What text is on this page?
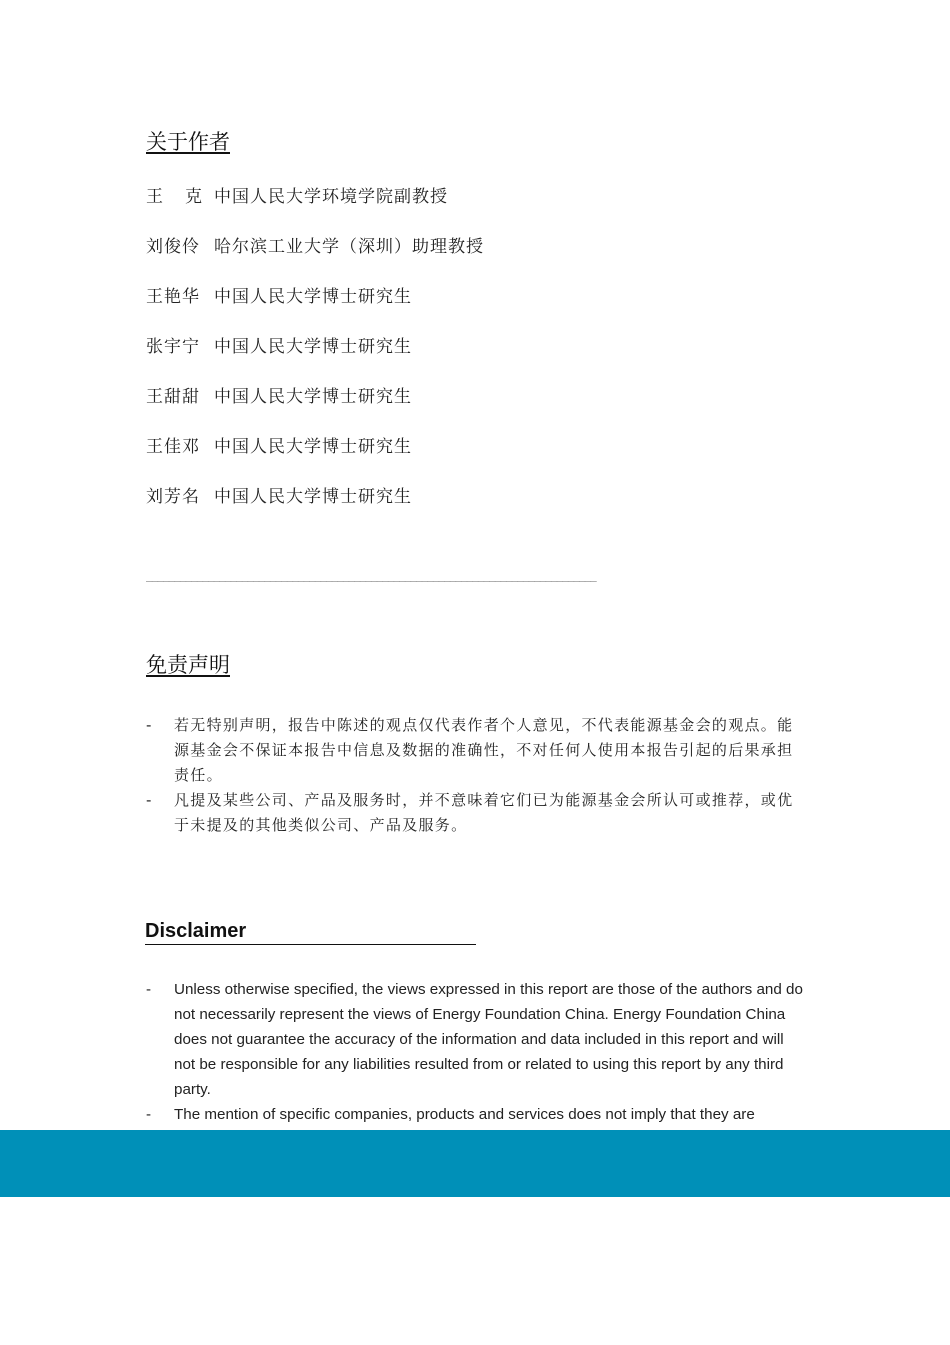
关于作者
王克中国人民大学环境学院副教授
刘俊伶 哈尔滨工业大学（深圳）助理教授
王艳华 中国人民大学博士研究生
张宇宁 中国人民大学博士研究生
王甜甜 中国人民大学博士研究生
王佳邓 中国人民大学博士研究生
刘芳名 中国人民大学博士研究生
________________________________________________________________________________
免责声明
- 若无特别声明，报告中陈述的观点仅代表作者个人意见，不代表能源基金会的观点。能源基金会不保证本报告中信息及数据的准确性，不对任何人使用本报告引起的后果承担责任。
- 凡提及某些公司、产品及服务时，并不意味着它们已为能源基金会所认可或推荐，或优于未提及的其他类似公司、产品及服务。
Disclaimer
- Unless otherwise specified, the views expressed in this report are those of the authors and do not necessarily represent the views of Energy Foundation China. Energy Foundation China does not guarantee the accuracy of the information and data included in this report and will not be responsible for any liabilities resulted from or related to using this report by any third party.
- The mention of specific companies, products and services does not imply that they are
